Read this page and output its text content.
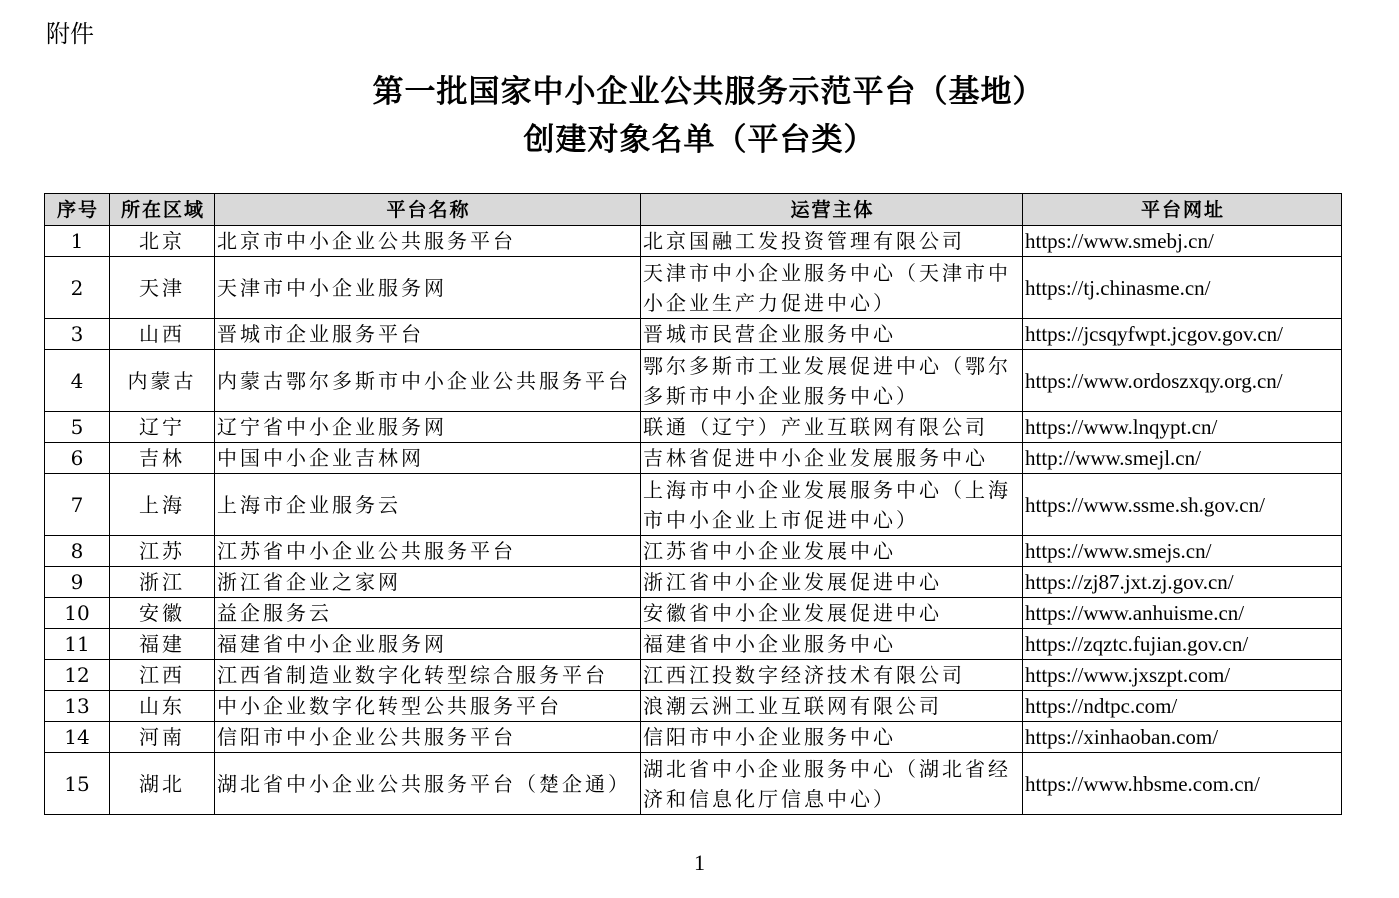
附件
第一批国家中小企业公共服务示范平台（基地）
创建对象名单（平台类）
序号	所在区域	平台名称	运营主体	平台网址
1	北京	北京市中小企业公共服务平台	北京国融工发投资管理有限公司	https://www.smebj.cn/
2	天津	天津市中小企业服务网	天津市中小企业服务中心（天津市中小企业生产力促进中心）	https://tj.chinasme.cn/
3	山西	晋城市企业服务平台	晋城市民营企业服务中心	https://jcsqyfwpt.jcgov.gov.cn/
4	内蒙古	内蒙古鄂尔多斯市中小企业公共服务平台	鄂尔多斯市工业发展促进中心（鄂尔多斯市中小企业服务中心）	https://www.ordoszxqy.org.cn/
5	辽宁	辽宁省中小企业服务网	联通（辽宁）产业互联网有限公司	https://www.lnqypt.cn/
6	吉林	中国中小企业吉林网	吉林省促进中小企业发展服务中心	http://www.smejl.cn/
7	上海	上海市企业服务云	上海市中小企业发展服务中心（上海市中小企业上市促进中心）	https://www.ssme.sh.gov.cn/
8	江苏	江苏省中小企业公共服务平台	江苏省中小企业发展中心	https://www.smejs.cn/
9	浙江	浙江省企业之家网	浙江省中小企业发展促进中心	https://zj87.jxt.zj.gov.cn/
10	安徽	益企服务云	安徽省中小企业发展促进中心	https://www.anhuisme.cn/
11	福建	福建省中小企业服务网	福建省中小企业服务中心	https://zqztc.fujian.gov.cn/
12	江西	江西省制造业数字化转型综合服务平台	江西江投数字经济技术有限公司	https://www.jxszpt.com/
13	山东	中小企业数字化转型公共服务平台	浪潮云洲工业互联网有限公司	https://ndtpc.com/
14	河南	信阳市中小企业公共服务平台	信阳市中小企业服务中心	https://xinhaoban.com/
15	湖北	湖北省中小企业公共服务平台（楚企通）	湖北省中小企业服务中心（湖北省经济和信息化厅信息中心）	https://www.hbsme.com.cn/
1
